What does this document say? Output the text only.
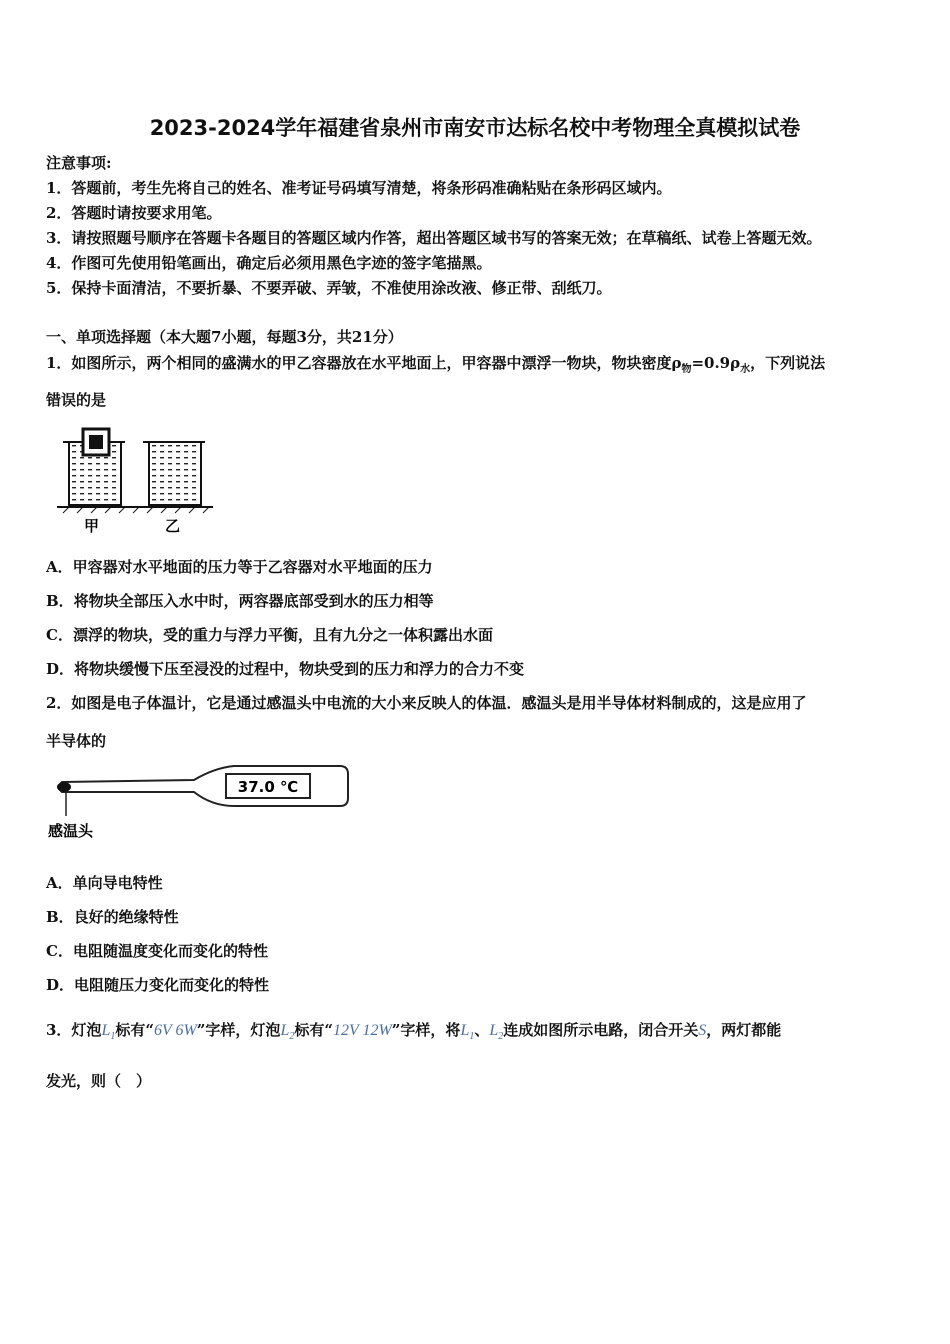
2023-2024学年福建省泉州市南安市达标名校中考物理全真模拟试卷
注意事项:
1．答题前，考生先将自己的姓名、准考证号码填写清楚，将条形码准确粘贴在条形码区域内。
2．答题时请按要求用笔。
3．请按照题号顺序在答题卡各题目的答题区域内作答，超出答题区域书写的答案无效；在草稿纸、试卷上答题无效。
4．作图可先使用铅笔画出，确定后必须用黑色字迹的签字笔描黑。
5．保持卡面清洁，不要折暴、不要弄破、弄皱，不准使用涂改液、修正带、刮纸刀。
一、单项选择题（本大题7小题，每题3分，共21分）
1．如图所示，两个相同的盛满水的甲乙容器放在水平地面上，甲容器中漂浮一物块，物块密度$\rho_物=0.9\rho_水$，下列说法
错误的是
甲	乙
A．甲容器对水平地面的压力等于乙容器对水平地面的压力
B．将物块全部压入水中时，两容器底部受到水的压力相等
C．漂浮的物块，受的重力与浮力平衡，且有九分之一体积露出水面
D．将物块缓慢下压至浸没的过程中，物块受到的压力和浮力的合力不变
2．如图是电子体温计，它是通过感温头中电流的大小来反映人的体温．感温头是用半导体材料制成的，这是应用了
半导体的
37.0 ℃
感温头
A．单向导电特性
B．良好的绝缘特性
C．电阻随温度变化而变化的特性
D．电阻随压力变化而变化的特性
3．灯泡$L_1$标有“6V 6W”字样，灯泡$L_2$标有“12V 12W”字样，将$L_1$、$L_2$连成如图所示电路，闭合开关S，两灯都能
发光，则（　）
